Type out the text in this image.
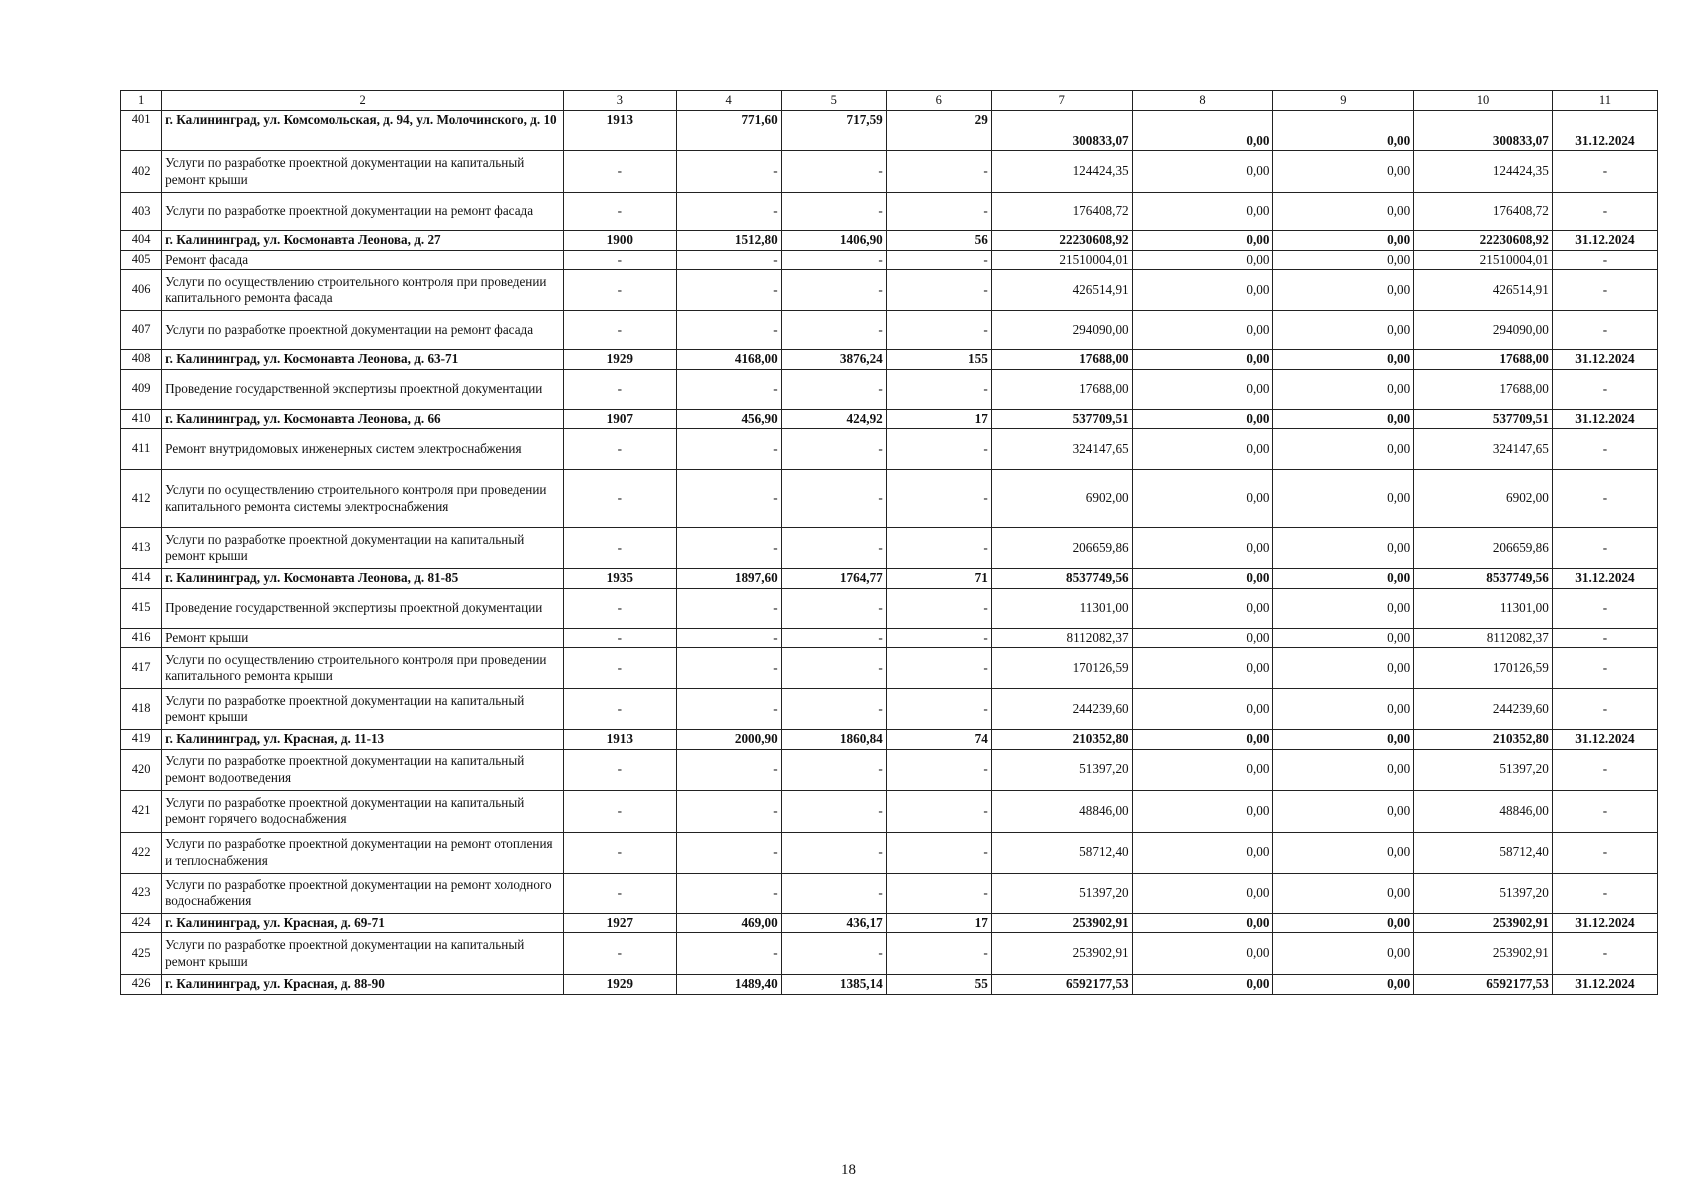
1	2	3	4	5	6	7	8	9	10	11
401	г. Калининград, ул. Комсомольская, д. 94, ул. Молочинского, д. 10	1913	771,60	717,59	29	300833,07	0,00	0,00	300833,07	31.12.2024
402	Услуги по разработке проектной документации на капитальный ремонт крыши	-	-	-	-	124424,35	0,00	0,00	124424,35	-
403	Услуги по разработке проектной документации на ремонт фасада	-	-	-	-	176408,72	0,00	0,00	176408,72	-
404	г. Калининград, ул. Космонавта Леонова, д. 27	1900	1512,80	1406,90	56	22230608,92	0,00	0,00	22230608,92	31.12.2024
405	Ремонт фасада	-	-	-	-	21510004,01	0,00	0,00	21510004,01	-
406	Услуги по осуществлению строительного контроля при проведении капитального ремонта фасада	-	-	-	-	426514,91	0,00	0,00	426514,91	-
407	Услуги по разработке проектной документации на ремонт фасада	-	-	-	-	294090,00	0,00	0,00	294090,00	-
408	г. Калининград, ул. Космонавта Леонова, д. 63-71	1929	4168,00	3876,24	155	17688,00	0,00	0,00	17688,00	31.12.2024
409	Проведение государственной экспертизы проектной документации	-	-	-	-	17688,00	0,00	0,00	17688,00	-
410	г. Калининград, ул. Космонавта Леонова, д. 66	1907	456,90	424,92	17	537709,51	0,00	0,00	537709,51	31.12.2024
411	Ремонт внутридомовых инженерных систем электроснабжения	-	-	-	-	324147,65	0,00	0,00	324147,65	-
412	Услуги по осуществлению строительного контроля при проведении капитального ремонта системы электроснабжения	-	-	-	-	6902,00	0,00	0,00	6902,00	-
413	Услуги по разработке проектной документации на капитальный ремонт крыши	-	-	-	-	206659,86	0,00	0,00	206659,86	-
414	г. Калининград, ул. Космонавта Леонова, д. 81-85	1935	1897,60	1764,77	71	8537749,56	0,00	0,00	8537749,56	31.12.2024
415	Проведение государственной экспертизы проектной документации	-	-	-	-	11301,00	0,00	0,00	11301,00	-
416	Ремонт крыши	-	-	-	-	8112082,37	0,00	0,00	8112082,37	-
417	Услуги по осуществлению строительного контроля при проведении капитального ремонта крыши	-	-	-	-	170126,59	0,00	0,00	170126,59	-
418	Услуги по разработке проектной документации на капитальный ремонт крыши	-	-	-	-	244239,60	0,00	0,00	244239,60	-
419	г. Калининград, ул. Красная, д. 11-13	1913	2000,90	1860,84	74	210352,80	0,00	0,00	210352,80	31.12.2024
420	Услуги по разработке проектной документации на капитальный ремонт водоотведения	-	-	-	-	51397,20	0,00	0,00	51397,20	-
421	Услуги по разработке проектной документации на капитальный ремонт горячего водоснабжения	-	-	-	-	48846,00	0,00	0,00	48846,00	-
422	Услуги по разработке проектной документации на ремонт отопления и теплоснабжения	-	-	-	-	58712,40	0,00	0,00	58712,40	-
423	Услуги по разработке проектной документации на ремонт холодного водоснабжения	-	-	-	-	51397,20	0,00	0,00	51397,20	-
424	г. Калининград, ул. Красная, д. 69-71	1927	469,00	436,17	17	253902,91	0,00	0,00	253902,91	31.12.2024
425	Услуги по разработке проектной документации на капитальный ремонт крыши	-	-	-	-	253902,91	0,00	0,00	253902,91	-
426	г. Калининград, ул. Красная, д. 88-90	1929	1489,40	1385,14	55	6592177,53	0,00	0,00	6592177,53	31.12.2024
18
